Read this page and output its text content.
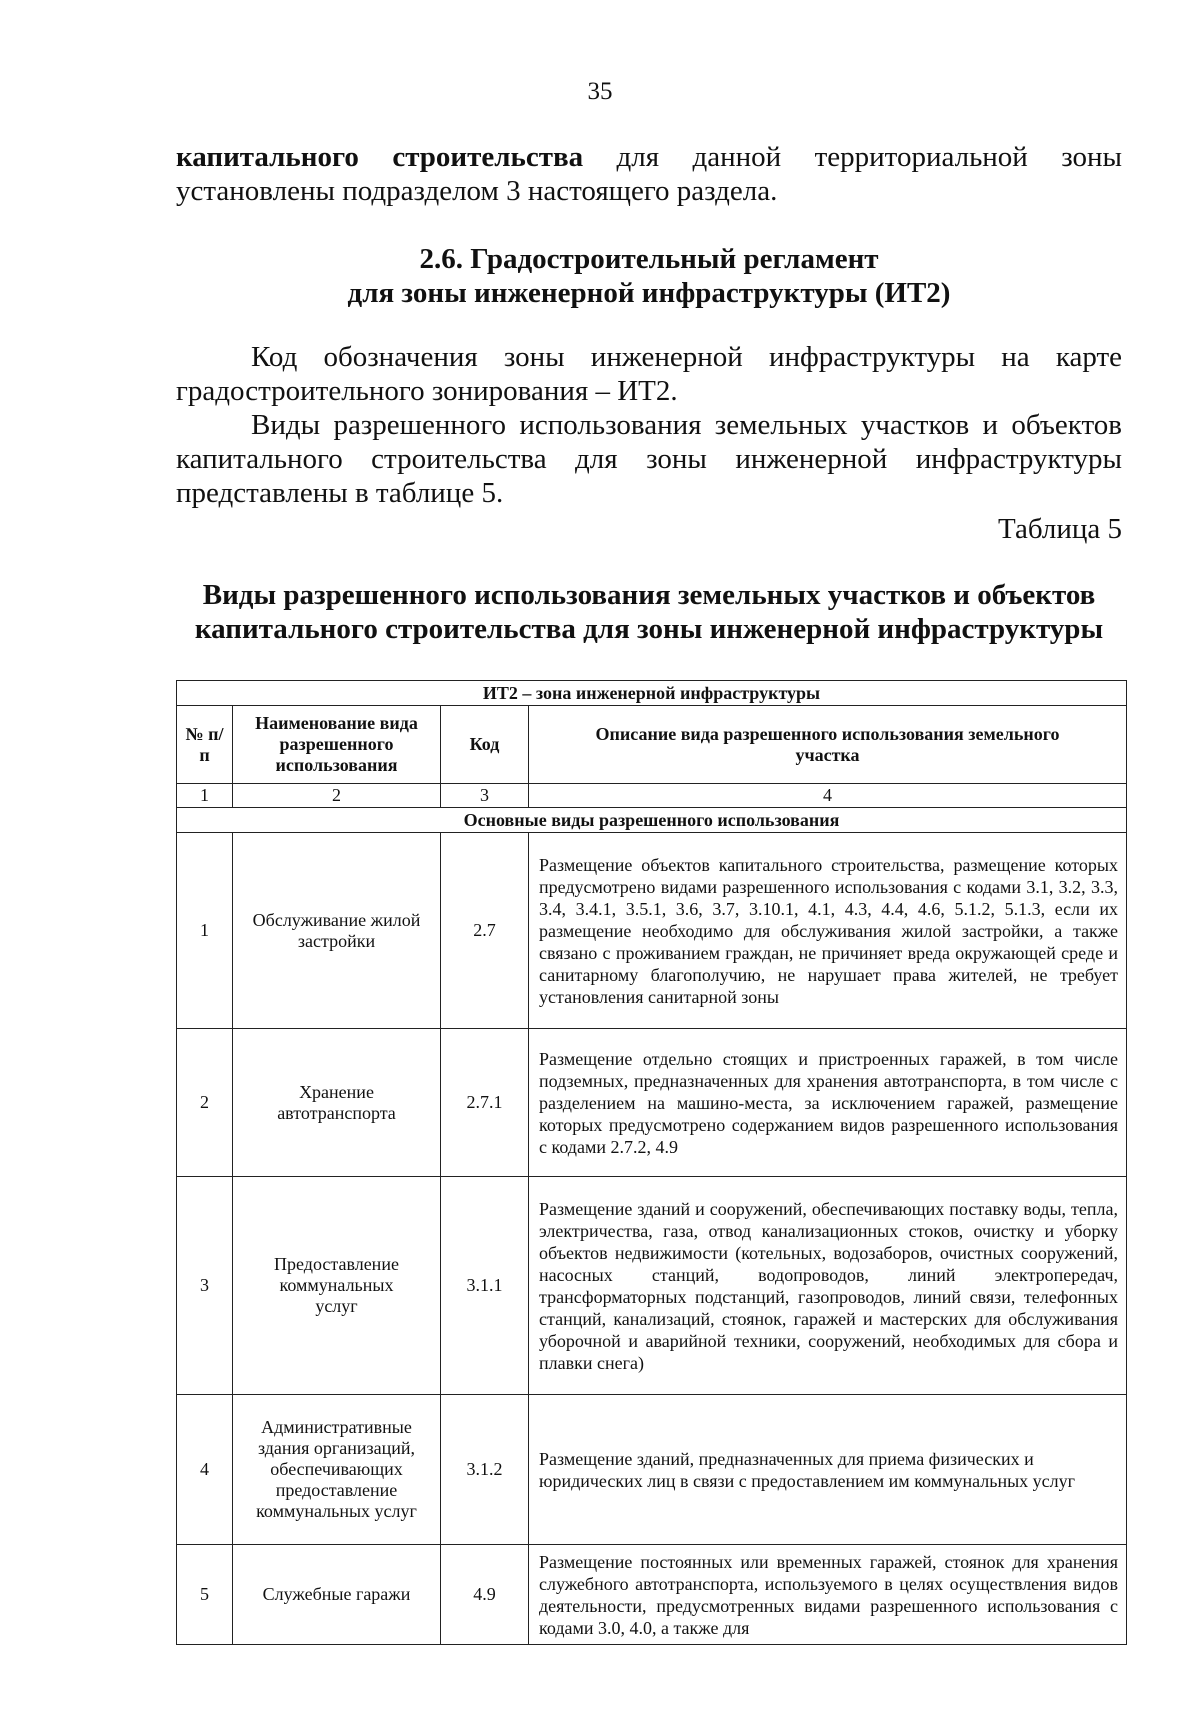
35
капитального строительства для данной территориальной зоны
установлены подразделом 3 настоящего раздела.
2.6. Градостроительный регламент
для зоны инженерной инфраструктуры (ИТ2)
Код обозначения зоны инженерной инфраструктуры на карте
градостроительного зонирования – ИТ2.
Виды разрешенного использования земельных участков и объектов
капитального строительства для зоны инженерной инфраструктуры
представлены в таблице 5.
Таблица 5
Виды разрешенного использования земельных участков и объектов
капитального строительства для зоны инженерной инфраструктуры
ИТ2 – зона инженерной инфраструктуры			
№ п/п	Наименование вида разрешенного использования	Код	Описание вида разрешенного использования земельного участка
1	2	3	4
Основные виды разрешенного использования			
1	Обслуживание жилой застройки	2.7	Размещение объектов капитального строительства, размещение которых предусмотрено видами разрешенного использования с кодами 3.1, 3.2, 3.3, 3.4, 3.4.1, 3.5.1, 3.6, 3.7, 3.10.1, 4.1, 4.3, 4.4, 4.6, 5.1.2, 5.1.3, если их размещение необходимо для обслуживания жилой застройки, а также связано с проживанием граждан, не причиняет вреда окружающей среде и санитарному благополучию, не нарушает права жителей, не требует установления санитарной зоны
2	Хранение автотранспорта	2.7.1	Размещение отдельно стоящих и пристроенных гаражей, в том числе подземных, предназначенных для хранения автотранспорта, в том числе с разделением на машино-места, за исключением гаражей, размещение которых предусмотрено содержанием видов разрешенного использования с кодами 2.7.2, 4.9
3	Предоставление коммунальных услуг	3.1.1	Размещение зданий и сооружений, обеспечивающих поставку воды, тепла, электричества, газа, отвод канализационных стоков, очистку и уборку объектов недвижимости (котельных, водозаборов, очистных сооружений, насосных станций, водопроводов, линий электропередач, трансформаторных подстанций, газопроводов, линий связи, телефонных станций, канализаций, стоянок, гаражей и мастерских для обслуживания уборочной и аварийной техники, сооружений, необходимых для сбора и плавки снега)
4	Административные здания организаций, обеспечивающих предоставление коммунальных услуг	3.1.2	Размещение зданий, предназначенных для приема физических и юридических лиц в связи с предоставлением им коммунальных услуг
5	Служебные гаражи	4.9	Размещение постоянных или временных гаражей, стоянок для хранения служебного автотранспорта, используемого в целях осуществления видов деятельности, предусмотренных видами разрешенного использования с кодами 3.0, 4.0, а также для
